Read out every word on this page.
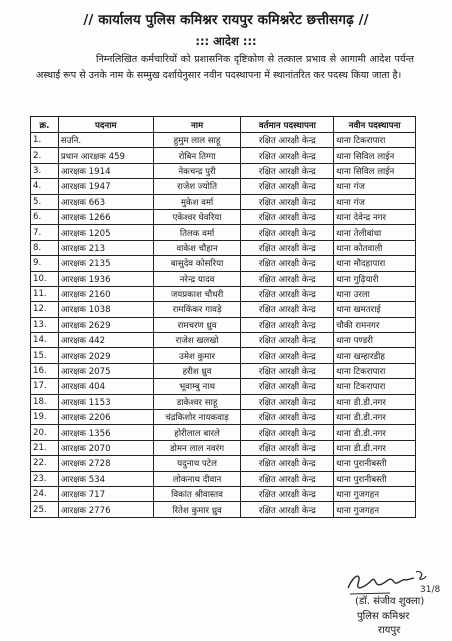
// कार्यालय पुलिस कमिश्नर रायपुर कमिश्नरेट छत्तीसगढ़ //
::: आदेश :::
निम्नलिखित कर्मचारियों को प्रशासनिक दृष्टिकोण से तत्काल प्रभाव से आगामी आदेश पर्यन्त अस्थाई रूप से उनके नाम के सम्मुख दर्शायेनुसार नवीन पदस्थापना में स्थानांतरित कर पदस्थ किया जाता है।
क्र.	पदनाम	नाम	वर्तमान पदस्थापना	नवीन पदस्थापना
1.	सउनि.	हुमुम लाल साहू	रक्षित आरक्षी केन्द्र	थाना टिकरापारा
2.	प्रधान आरक्षक 459	रोबिन तिग्गा	रक्षित आरक्षी केन्द्र	थाना सिविल लाईन
3.	आरक्षक 1914	नेकचन्द्र पुरी	रक्षित आरक्षी केन्द्र	थाना सिविल लाईन
4.	आरक्षक 1947	राजेश ज्योति	रक्षित आरक्षी केन्द्र	थाना गंज
5.	आरक्षक 663	मुकेश वर्मा	रक्षित आरक्षी केन्द्र	थाना गंज
6.	आरक्षक 1266	एकेश्वर घेवरिया	रक्षित आरक्षी केन्द्र	थाना देवेन्द्र नगर
7.	आरक्षक 1205	तिलक वर्मा	रक्षित आरक्षी केन्द्र	थाना तेलीबांधा
8.	आरक्षक 213	वाकेश चौहान	रक्षित आरक्षी केन्द्र	थाना कोतवाली
9.	आरक्षक 2135	बासुदेव कोसरिया	रक्षित आरक्षी केन्द्र	थाना मौदहापारा
10.	आरक्षक 1936	नरेन्द्र यादव	रक्षित आरक्षी केन्द्र	थाना गुढ़ियारी
11.	आरक्षक 2160	जयप्रकाश चौधरी	रक्षित आरक्षी केन्द्र	थाना उरला
12.	आरक्षक 1038	रामकिंकर गावड़े	रक्षित आरक्षी केन्द्र	थाना खमतराई
13.	आरक्षक 2629	रामचरण ध्रुव	रक्षित आरक्षी केन्द्र	चौकी रामनगर
14.	आरक्षक 442	राजेश खलखो	रक्षित आरक्षी केन्द्र	थाना पण्डरी
15.	आरक्षक 2029	उमेश कुमार	रक्षित आरक्षी केन्द्र	थाना खम्हारडीह
16.	आरक्षक 2075	हरीश ध्रुव	रक्षित आरक्षी केन्द्र	थाना टिकरापारा
17.	आरक्षक 404	भूवाम्बु नाथ	रक्षित आरक्षी केन्द्र	थाना टिकरापारा
18.	आरक्षक 1153	डाकेश्वर साहू	रक्षित आरक्षी केन्द्र	थाना डी.डी.नगर
19.	आरक्षक 2206	चंद्रकिशोर नायकवाड़	रक्षित आरक्षी केन्द्र	थाना डी.डी.नगर
20.	आरक्षक 1356	होरीलाल बारले	रक्षित आरक्षी केन्द्र	थाना डी.डी.नगर
21.	आरक्षक 2070	डोमन लाल नवरंग	रक्षित आरक्षी केन्द्र	थाना डी.डी.नगर
22.	आरक्षक 2728	यदुनाथ पटेल	रक्षित आरक्षी केन्द्र	थाना पुरानीबस्ती
23.	आरक्षक 534	लोकनाथ दीवान	रक्षित आरक्षी केन्द्र	थाना पुरानीबस्ती
24.	आरक्षक 717	विकांत श्रीवास्तव	रक्षित आरक्षी केन्द्र	थाना गुजगहन
25.	आरक्षक 2776	रितेश कुमार ध्रुव	रक्षित आरक्षी केन्द्र	थाना गुजगहन
31/8
(डॉ. संजीव शुक्ला)
पुलिस कमिश्नर
रायपुर
